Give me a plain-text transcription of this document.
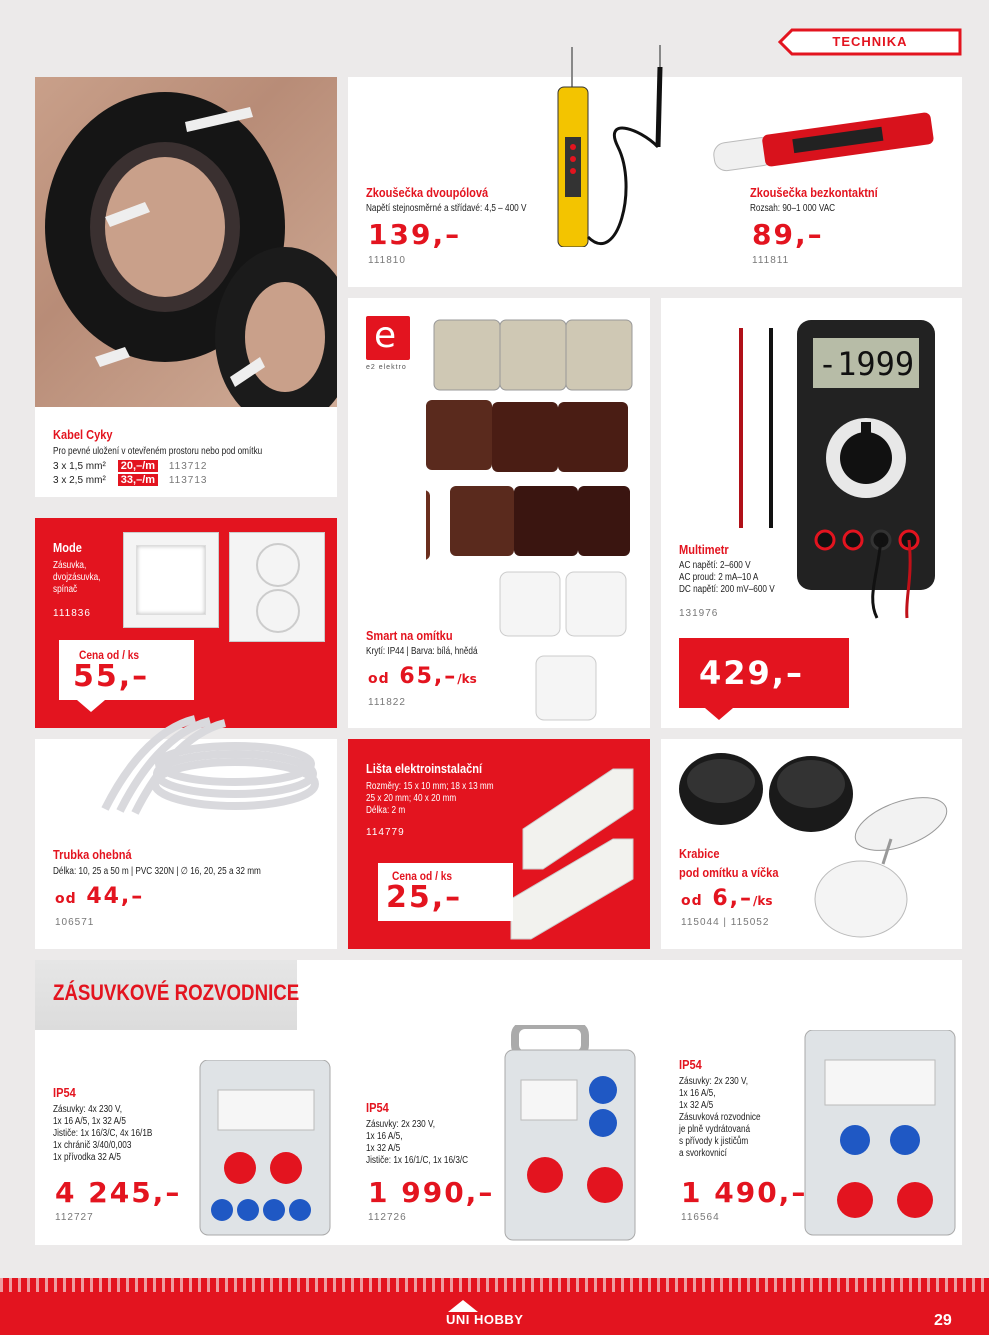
TECHNIKA
Kabel Cyky
Pro pevné uložení v otevřeném prostoru nebo pod omítku
3 x 1,5 mm² 20,–/m 113712
3 x 2,5 mm² 33,–/m 113713
Zkoušečka dvoupólová
Napětí stejnosměrné a střídavé: 4,5 – 400 V
139,–
111810
Zkoušečka bezkontaktní
Rozsah: 90–1 000 VAC
89,–
111811
Mode
Zásuvka,
dvojzásuvka,
spínač
111836
Cena od / ks
55,–
e
e2 elektro
Smart na omítku
Krytí: IP44 | Barva: bílá, hnědá
od 65,–/ks
111822
-1999
Multimetr
AC napětí: 2–600 V
AC proud: 2 mA–10 A
DC napětí: 200 mV–600 V
131976
429,–
Trubka ohebná
Délka: 10, 25 a 50 m | PVC 320N | ∅ 16, 20, 25 a 32 mm
od 44,–
106571
Lišta elektroinstalační
Rozměry: 15 x 10 mm; 18 x 13 mm
25 x 20 mm; 40 x 20 mm
Délka: 2 m
114779
Cena od / ks
25,–
Krabice
pod omítku a víčka
od 6,–/ks
115044 | 115052
ZÁSUVKOVÉ ROZVODNICE
IP54
Zásuvky: 4x 230 V,
1x 16 A/5, 1x 32 A/5
Jističe: 1x 16/3/C, 4x 16/1B
1x chránič 3/40/0,003
1x přívodka 32 A/5
4 245,–
112727
IP54
Zásuvky: 2x 230 V,
1x 16 A/5,
1x 32 A/5
Jističe: 1x 16/1/C, 1x 16/3/C
1 990,–
112726
IP54
Zásuvky: 2x 230 V,
1x 16 A/5,
1x 32 A/5
Zásuvková rozvodnice
je plně vydrátovaná
s přívody k jističům
a svorkovnicí
1 490,–
116564
UNI HOBBY	29
